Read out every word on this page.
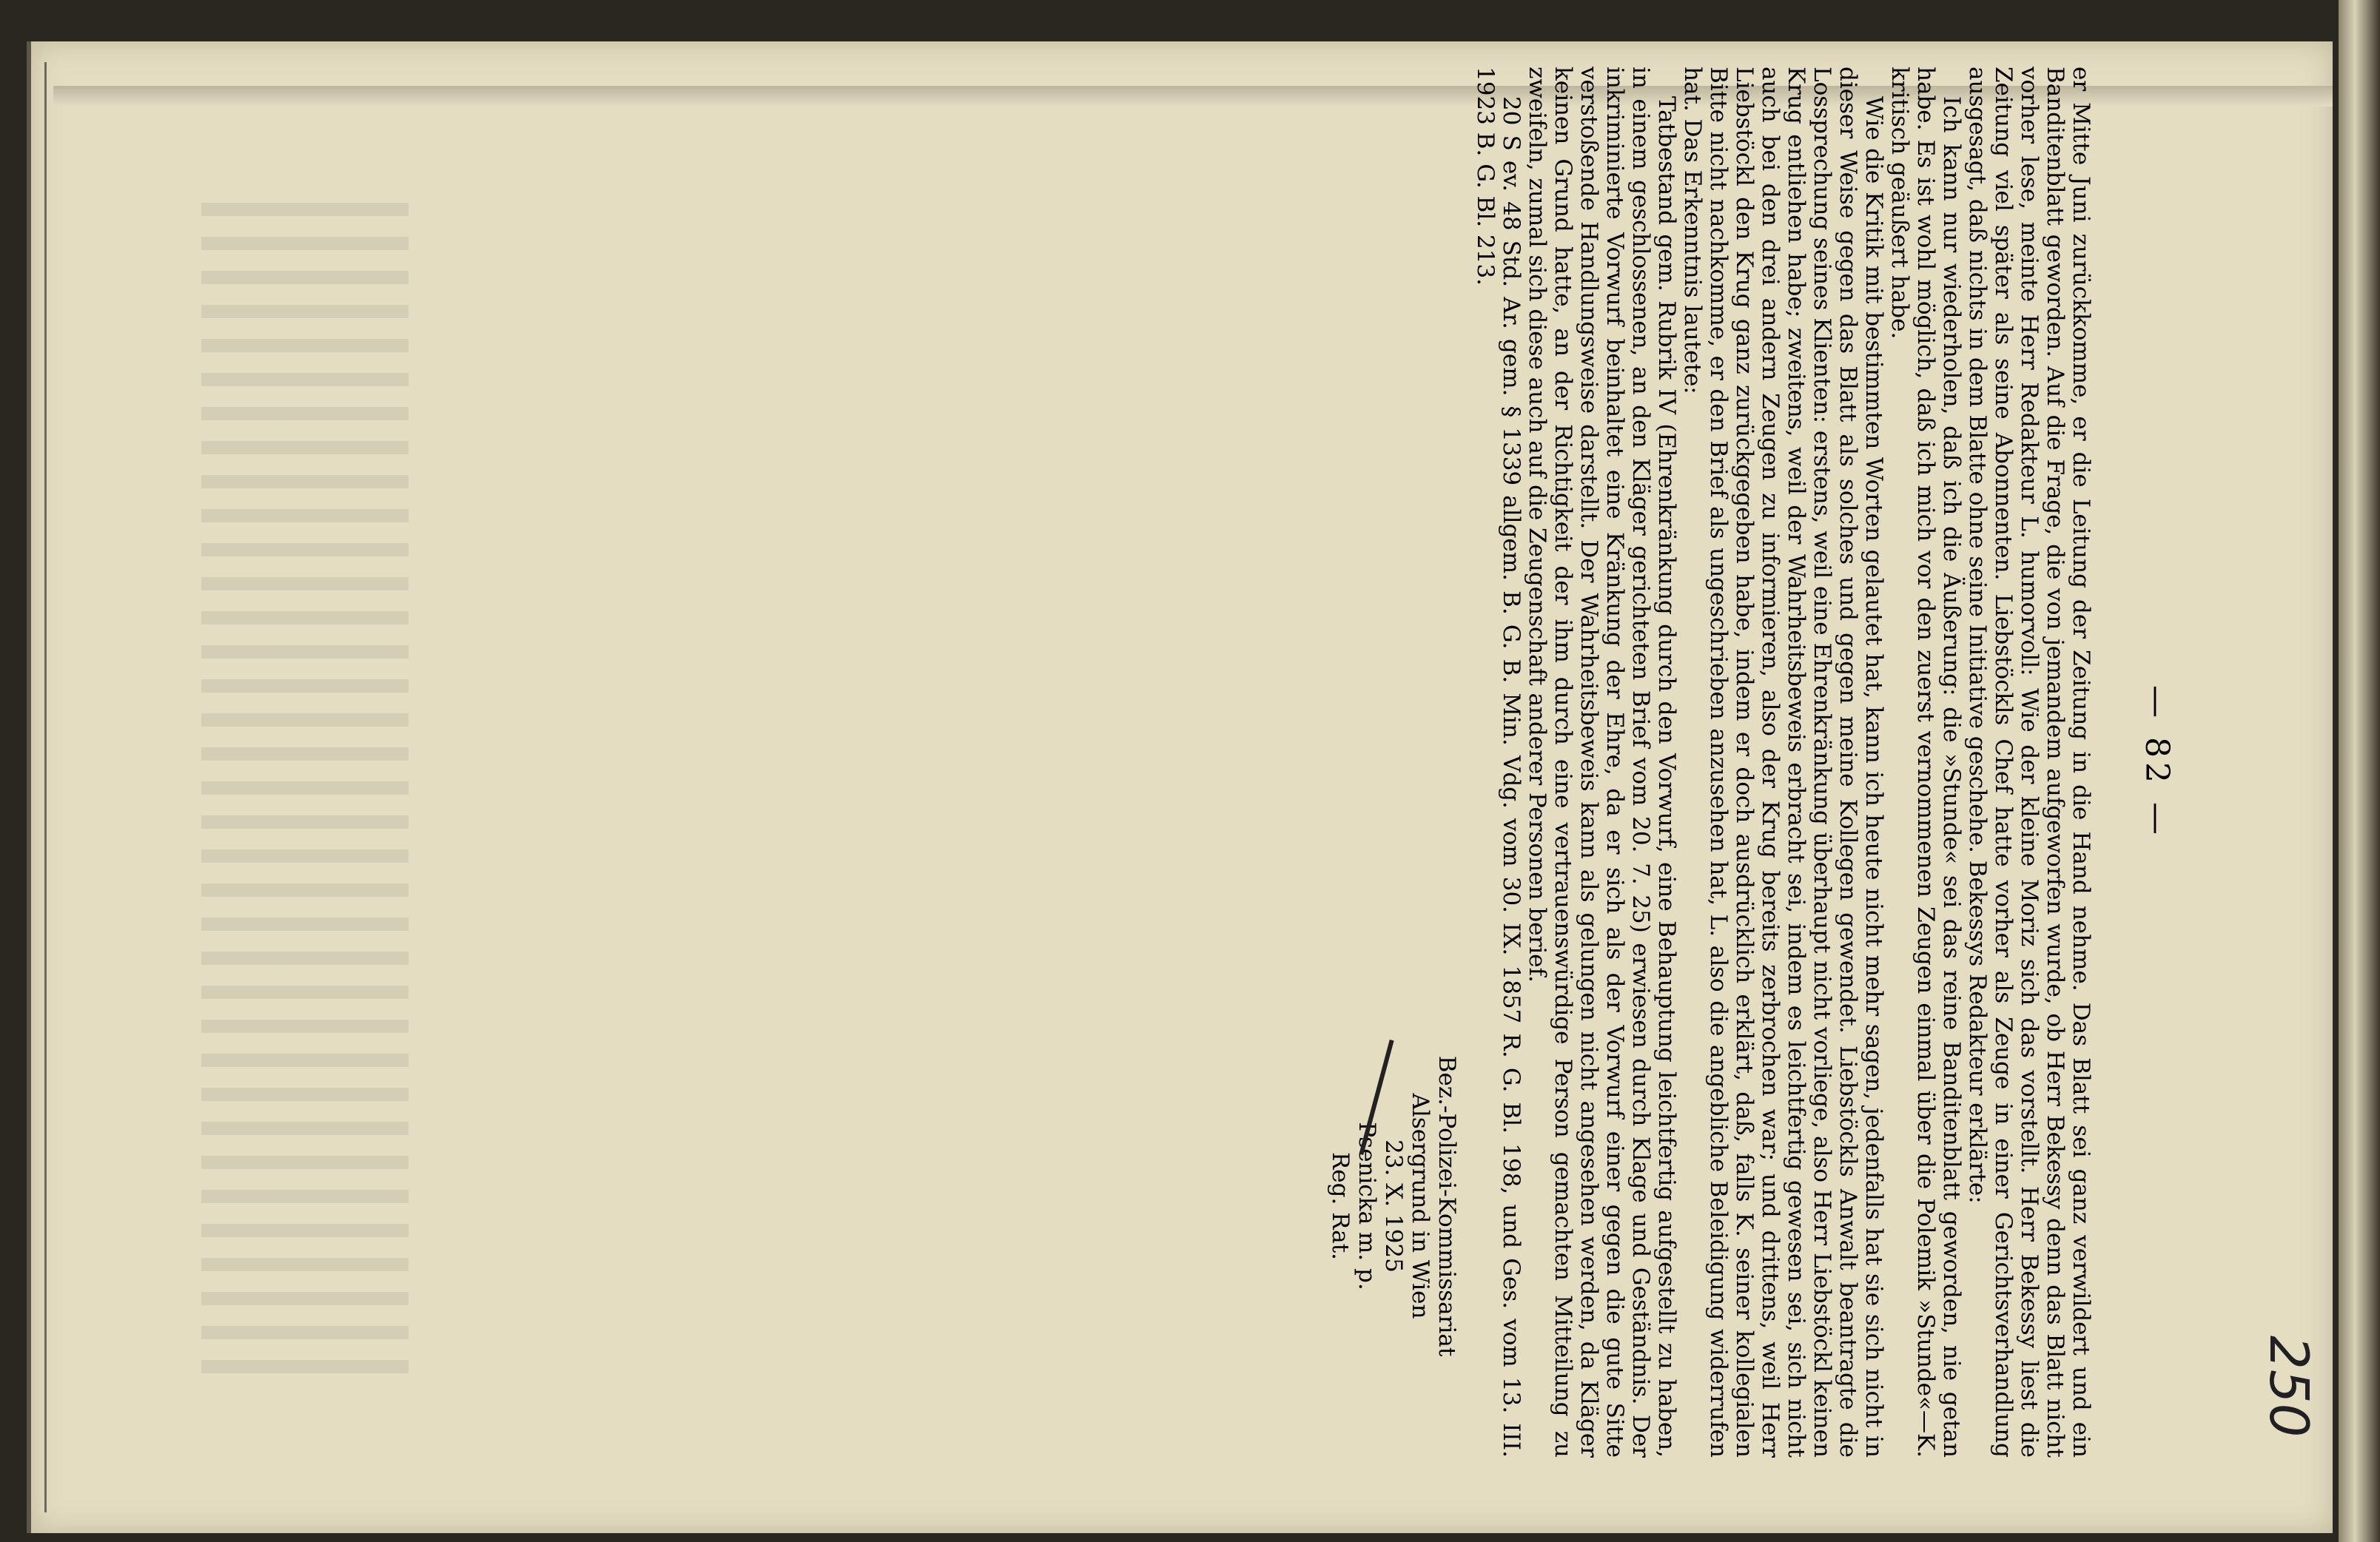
— 82 —

er Mitte Juni zurückkomme, er die Leitung der Zeitung in die Hand nehme. Das Blatt sei ganz verwildert und ein Banditenblatt geworden. Auf die Frage, die von jemandem aufgeworfen wurde, ob Herr Bekessy denn das Blatt nicht vorher lese, meinte Herr Redakteur L. humorvoll: Wie der kleine Moriz sich das vorstellt. Herr Bekessy liest die Zeitung viel später als seine Abonnenten. Liebstöckls Chef hatte vorher als Zeuge in einer Gerichtsverhandlung ausgesagt, daß nichts in dem Blatte ohne seine Initiative geschehe. Bekessys Redakteur erklärte:

Ich kann nur wiederholen, daß ich die Äußerung: die »Stunde« sei das reine Banditenblatt geworden, nie getan habe. Es ist wohl möglich, daß ich mich vor den zuerst vernommenen Zeugen einmal über die Polemik »Stunde«—K. kritisch geäußert habe.

Wie die Kritik mit bestimmten Worten gelautet hat, kann ich heute nicht mehr sagen, jedenfalls hat sie sich nicht in dieser Weise gegen das Blatt als solches und gegen meine Kollegen gewendet. Liebstöckls Anwalt beantragte die Lossprechung seines Klienten: erstens, weil eine Ehrenkränkung überhaupt nicht vorliege, also Herr Liebstöckl keinen Krug entliehen habe; zweitens, weil der Wahrheitsbeweis erbracht sei, indem es leichtfertig gewesen sei, sich nicht auch bei den drei andern Zeugen zu informieren, also der Krug bereits zerbrochen war; und drittens, weil Herr Liebstöckl den Krug ganz zurückgegeben habe, indem er doch ausdrücklich erklärt, daß, falls K. seiner kollegialen Bitte nicht nachkomme, er den Brief als ungeschrieben anzusehen hat, L. also die angebliche Beleidigung widerrufen hat. Das Erkenntnis lautete:

Tatbestand gem. Rubrik IV (Ehrenkränkung durch den Vorwurf, eine Behauptung leichtfertig aufgestellt zu haben, in einem geschlossenen, an den Kläger gerichteten Brief vom 20. 7. 25) erwiesen durch Klage und Geständnis. Der inkriminierte Vorwurf beinhaltet eine Kränkung der Ehre, da er sich als der Vorwurf einer gegen die gute Sitte verstoßende Handlungsweise darstellt. Der Wahrheitsbeweis kann als gelungen nicht angesehen werden, da Kläger keinen Grund hatte, an der Richtigkeit der ihm durch eine vertrauenswürdige Person gemachten Mitteilung zu zweifeln, zumal sich diese auch auf die Zeugenschaft anderer Personen berief.

20 S ev. 48 Std. Ar. gem. § 1339 allgem. B. G. B. Min. Vdg. vom 30. IX. 1857 R. G. Bl. 198, und Ges. vom 13. III. 1923 B. G. Bl. 213.

Bez.-Polizei-Kommissariat
Alsergrund in Wien
23. X. 1925
Psenicka m. p.
Reg. Rat.
250
